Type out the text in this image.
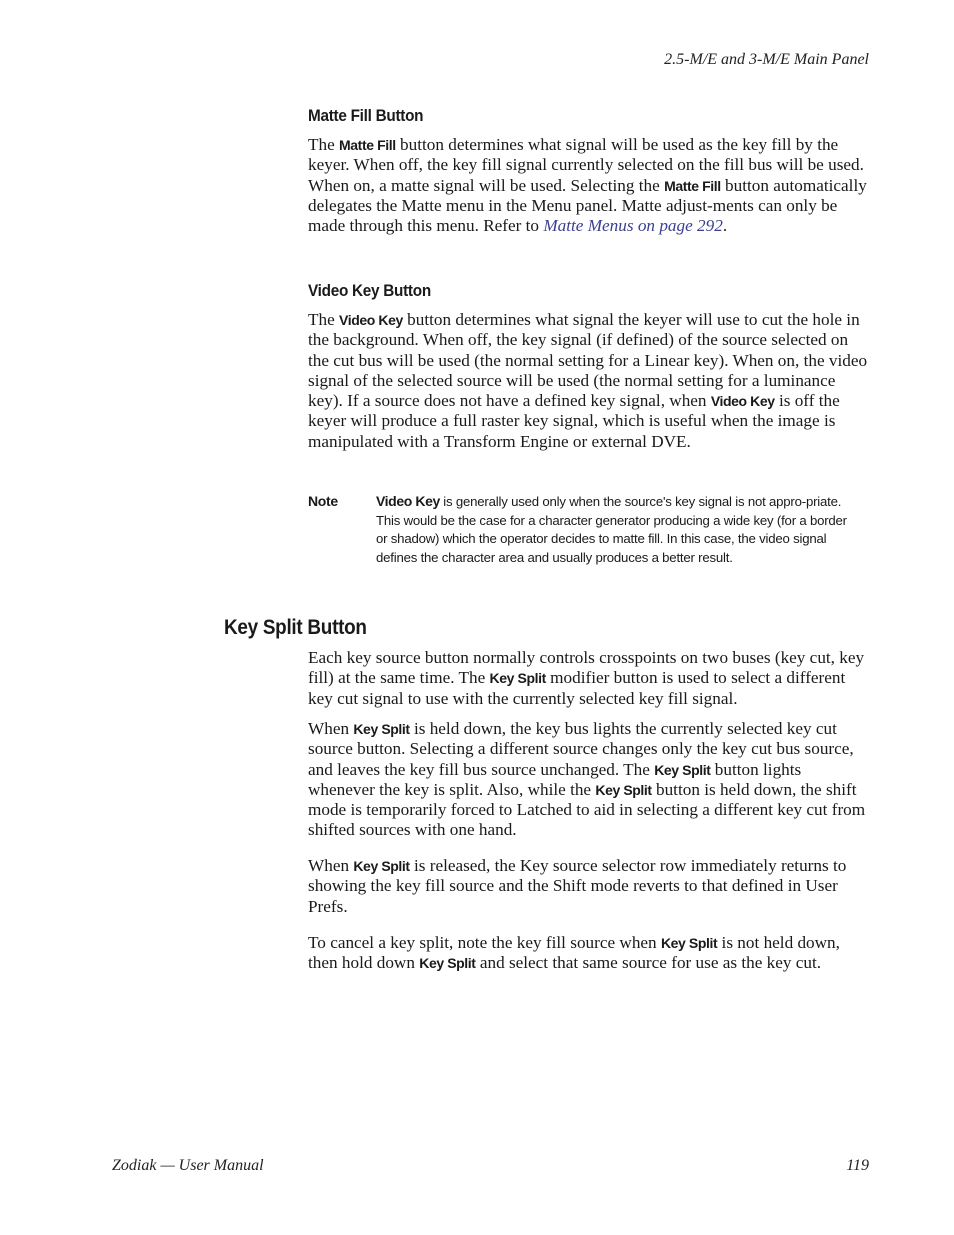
2.5-M/E and 3-M/E Main Panel
Matte Fill Button
The Matte Fill button determines what signal will be used as the key fill by the keyer. When off, the key fill signal currently selected on the fill bus will be used. When on, a matte signal will be used. Selecting the Matte Fill button automatically delegates the Matte menu in the Menu panel. Matte adjust-ments can only be made through this menu. Refer to Matte Menus on page 292.
Video Key Button
The Video Key button determines what signal the keyer will use to cut the hole in the background. When off, the key signal (if defined) of the source selected on the cut bus will be used (the normal setting for a Linear key). When on, the video signal of the selected source will be used (the normal setting for a luminance key). If a source does not have a defined key signal, when Video Key is off the keyer will produce a full raster key signal, which is useful when the image is manipulated with a Transform Engine or external DVE.
Note	Video Key is generally used only when the source's key signal is not appro-priate. This would be the case for a character generator producing a wide key (for a border or shadow) which the operator decides to matte fill. In this case, the video signal defines the character area and usually produces a better result.
Key Split Button
Each key source button normally controls crosspoints on two buses (key cut, key fill) at the same time. The Key Split modifier button is used to select a different key cut signal to use with the currently selected key fill signal.
When Key Split is held down, the key bus lights the currently selected key cut source button. Selecting a different source changes only the key cut bus source, and leaves the key fill bus source unchanged. The Key Split button lights whenever the key is split. Also, while the Key Split button is held down, the shift mode is temporarily forced to Latched to aid in selecting a different key cut from shifted sources with one hand.
When Key Split is released, the Key source selector row immediately returns to showing the key fill source and the Shift mode reverts to that defined in User Prefs.
To cancel a key split, note the key fill source when Key Split is not held down, then hold down Key Split and select that same source for use as the key cut.
Zodiak — User Manual	119
